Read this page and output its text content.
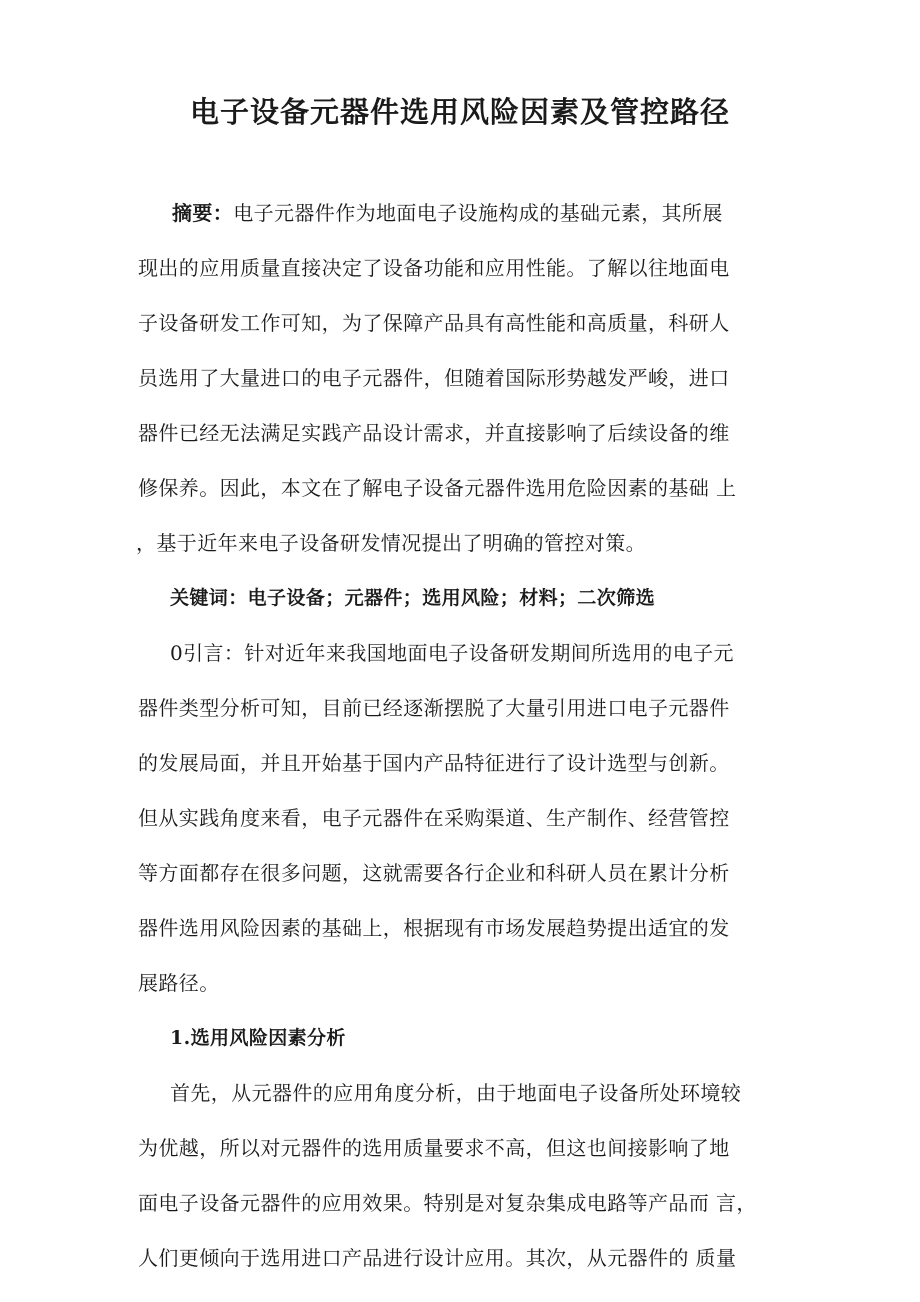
电子设备元器件选用风险因素及管控路径
摘要：电子元器件作为地面电子设施构成的基础元素，其所展
现出的应用质量直接决定了设备功能和应用性能。了解以往地面电
子设备研发工作可知，为了保障产品具有高性能和高质量，科研人
员选用了大量进口的电子元器件，但随着国际形势越发严峻，进口
器件已经无法满足实践产品设计需求，并直接影响了后续设备的维
修保养。因此，本文在了解电子设备元器件选用危险因素的基础 上
，基于近年来电子设备研发情况提出了明确的管控对策。
关键词：电子设备；元器件；选用风险；材料；二次筛选
0引言：针对近年来我国地面电子设备研发期间所选用的电子元
器件类型分析可知，目前已经逐渐摆脱了大量引用进口电子元器件
的发展局面，并且开始基于国内产品特征进行了设计选型与创新。
但从实践角度来看，电子元器件在采购渠道、生产制作、经营管控
等方面都存在很多问题，这就需要各行企业和科研人员在累计分析
器件选用风险因素的基础上，根据现有市场发展趋势提出适宜的发
展路径。
1.选用风险因素分析
首先，从元器件的应用角度分析，由于地面电子设备所处环境较
为优越，所以对元器件的选用质量要求不高，但这也间接影响了地
面电子设备元器件的应用效果。特别是对复杂集成电路等产品而 言，
人们更倾向于选用进口产品进行设计应用。其次，从元器件的 质量
